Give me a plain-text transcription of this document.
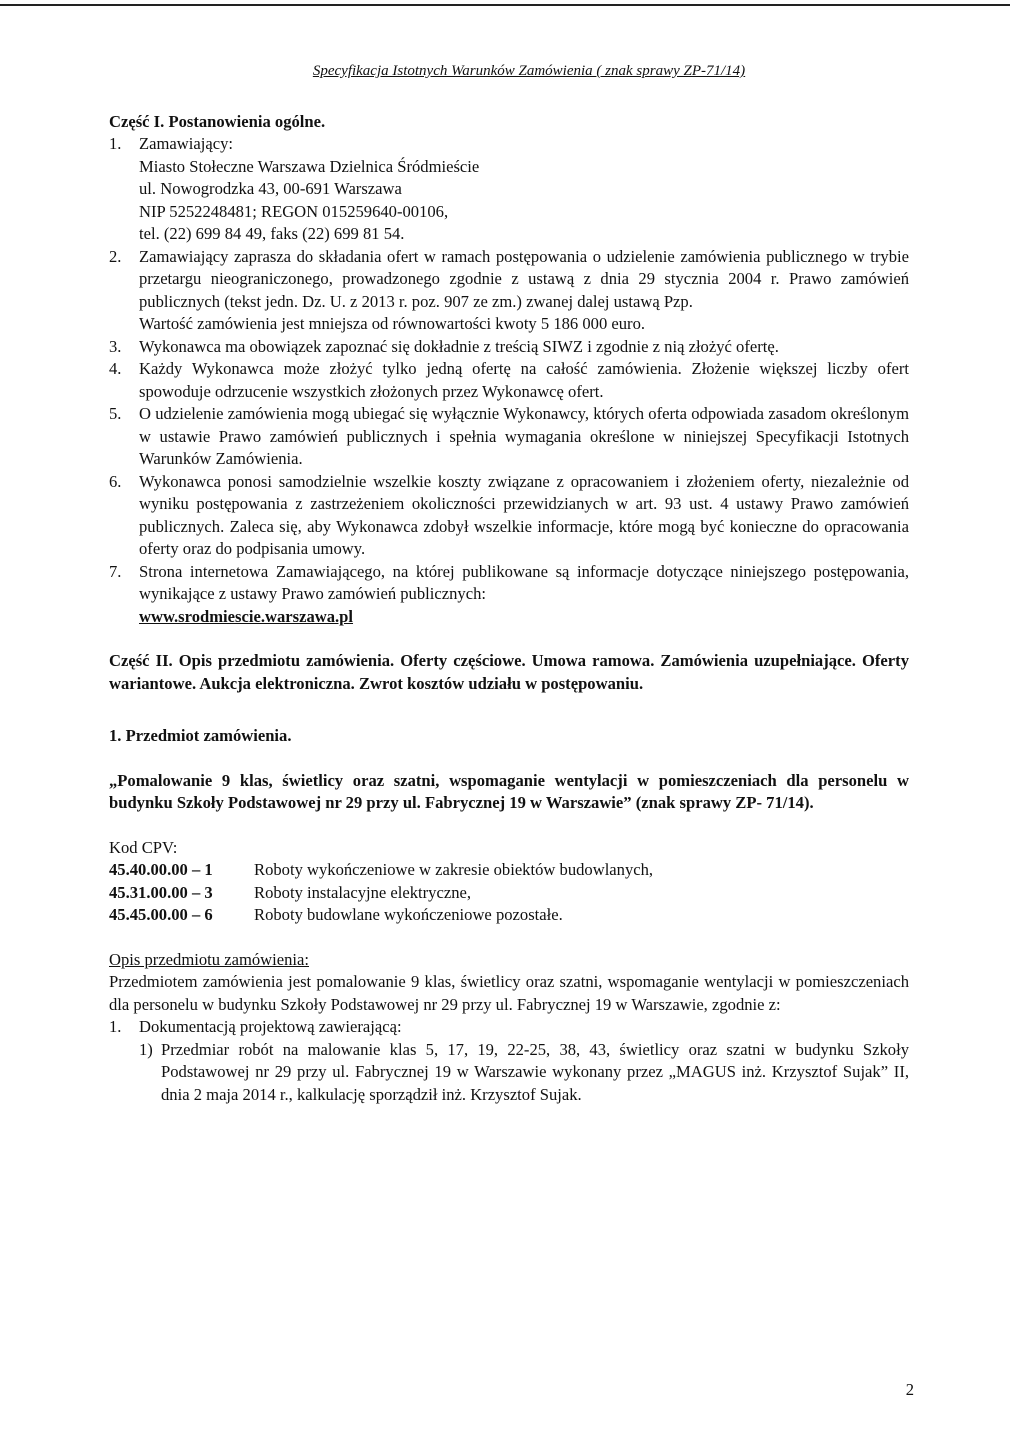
Specyfikacja Istotnych Warunków Zamówienia ( znak sprawy ZP-71/14)
Część I. Postanowienia ogólne.
1.	Zamawiający:
Miasto Stołeczne Warszawa Dzielnica Śródmieście
ul. Nowogrodzka 43, 00-691 Warszawa
NIP 5252248481; REGON 015259640-00106,
tel. (22) 699 84 49, faks (22) 699 81 54.
2.	Zamawiający zaprasza do składania ofert w ramach postępowania o udzielenie zamówienia publicznego w trybie przetargu nieograniczonego, prowadzonego zgodnie z ustawą z dnia 29 stycznia 2004 r. Prawo zamówień publicznych (tekst jedn. Dz. U. z 2013 r. poz. 907 ze zm.) zwanej dalej ustawą Pzp.
Wartość zamówienia jest mniejsza od równowartości kwoty 5 186 000 euro.
3.	Wykonawca ma obowiązek zapoznać się dokładnie z treścią SIWZ i zgodnie z nią złożyć ofertę.
4.	Każdy Wykonawca może złożyć tylko jedną ofertę na całość zamówienia. Złożenie większej liczby ofert spowoduje odrzucenie wszystkich złożonych przez Wykonawcę ofert.
5.	O udzielenie zamówienia mogą ubiegać się wyłącznie Wykonawcy, których oferta odpowiada zasadom określonym w ustawie Prawo zamówień publicznych i spełnia wymagania określone w niniejszej Specyfikacji Istotnych Warunków Zamówienia.
6.	Wykonawca ponosi samodzielnie wszelkie koszty związane z opracowaniem i złożeniem oferty, niezależnie od wyniku postępowania z zastrzeżeniem okoliczności przewidzianych w art. 93 ust. 4 ustawy Prawo zamówień publicznych. Zaleca się, aby Wykonawca zdobył wszelkie informacje, które mogą być konieczne do opracowania oferty oraz do podpisania umowy.
7.	Strona internetowa Zamawiającego, na której publikowane są informacje dotyczące niniejszego postępowania, wynikające z ustawy Prawo zamówień publicznych:
www.srodmiescie.warszawa.pl
Część II. Opis przedmiotu zamówienia. Oferty częściowe. Umowa ramowa. Zamówienia uzupełniające. Oferty wariantowe. Aukcja elektroniczna. Zwrot kosztów udziału w postępowaniu.
1. Przedmiot zamówienia.
„Pomalowanie 9 klas, świetlicy oraz szatni, wspomaganie wentylacji w pomieszczeniach dla personelu w budynku Szkoły Podstawowej nr 29 przy ul. Fabrycznej 19 w Warszawie” (znak sprawy ZP- 71/14).
Kod CPV:
45.40.00.00 – 1	Roboty wykończeniowe w zakresie obiektów budowlanych,
45.31.00.00 – 3	Roboty instalacyjne elektryczne,
45.45.00.00 – 6	Roboty budowlane wykończeniowe pozostałe.
Opis przedmiotu zamówienia:
Przedmiotem zamówienia jest pomalowanie 9 klas, świetlicy oraz szatni, wspomaganie wentylacji w pomieszczeniach dla personelu w budynku Szkoły Podstawowej nr 29 przy ul. Fabrycznej 19 w Warszawie, zgodnie z:
1.	Dokumentacją projektową zawierającą:
1) Przedmiar robót na malowanie klas 5, 17, 19, 22-25, 38, 43, świetlicy oraz szatni w budynku Szkoły Podstawowej nr 29 przy ul. Fabrycznej 19 w Warszawie wykonany przez „MAGUS inż. Krzysztof Sujak” II, dnia 2 maja 2014 r., kalkulację sporządził inż. Krzysztof Sujak.
2
